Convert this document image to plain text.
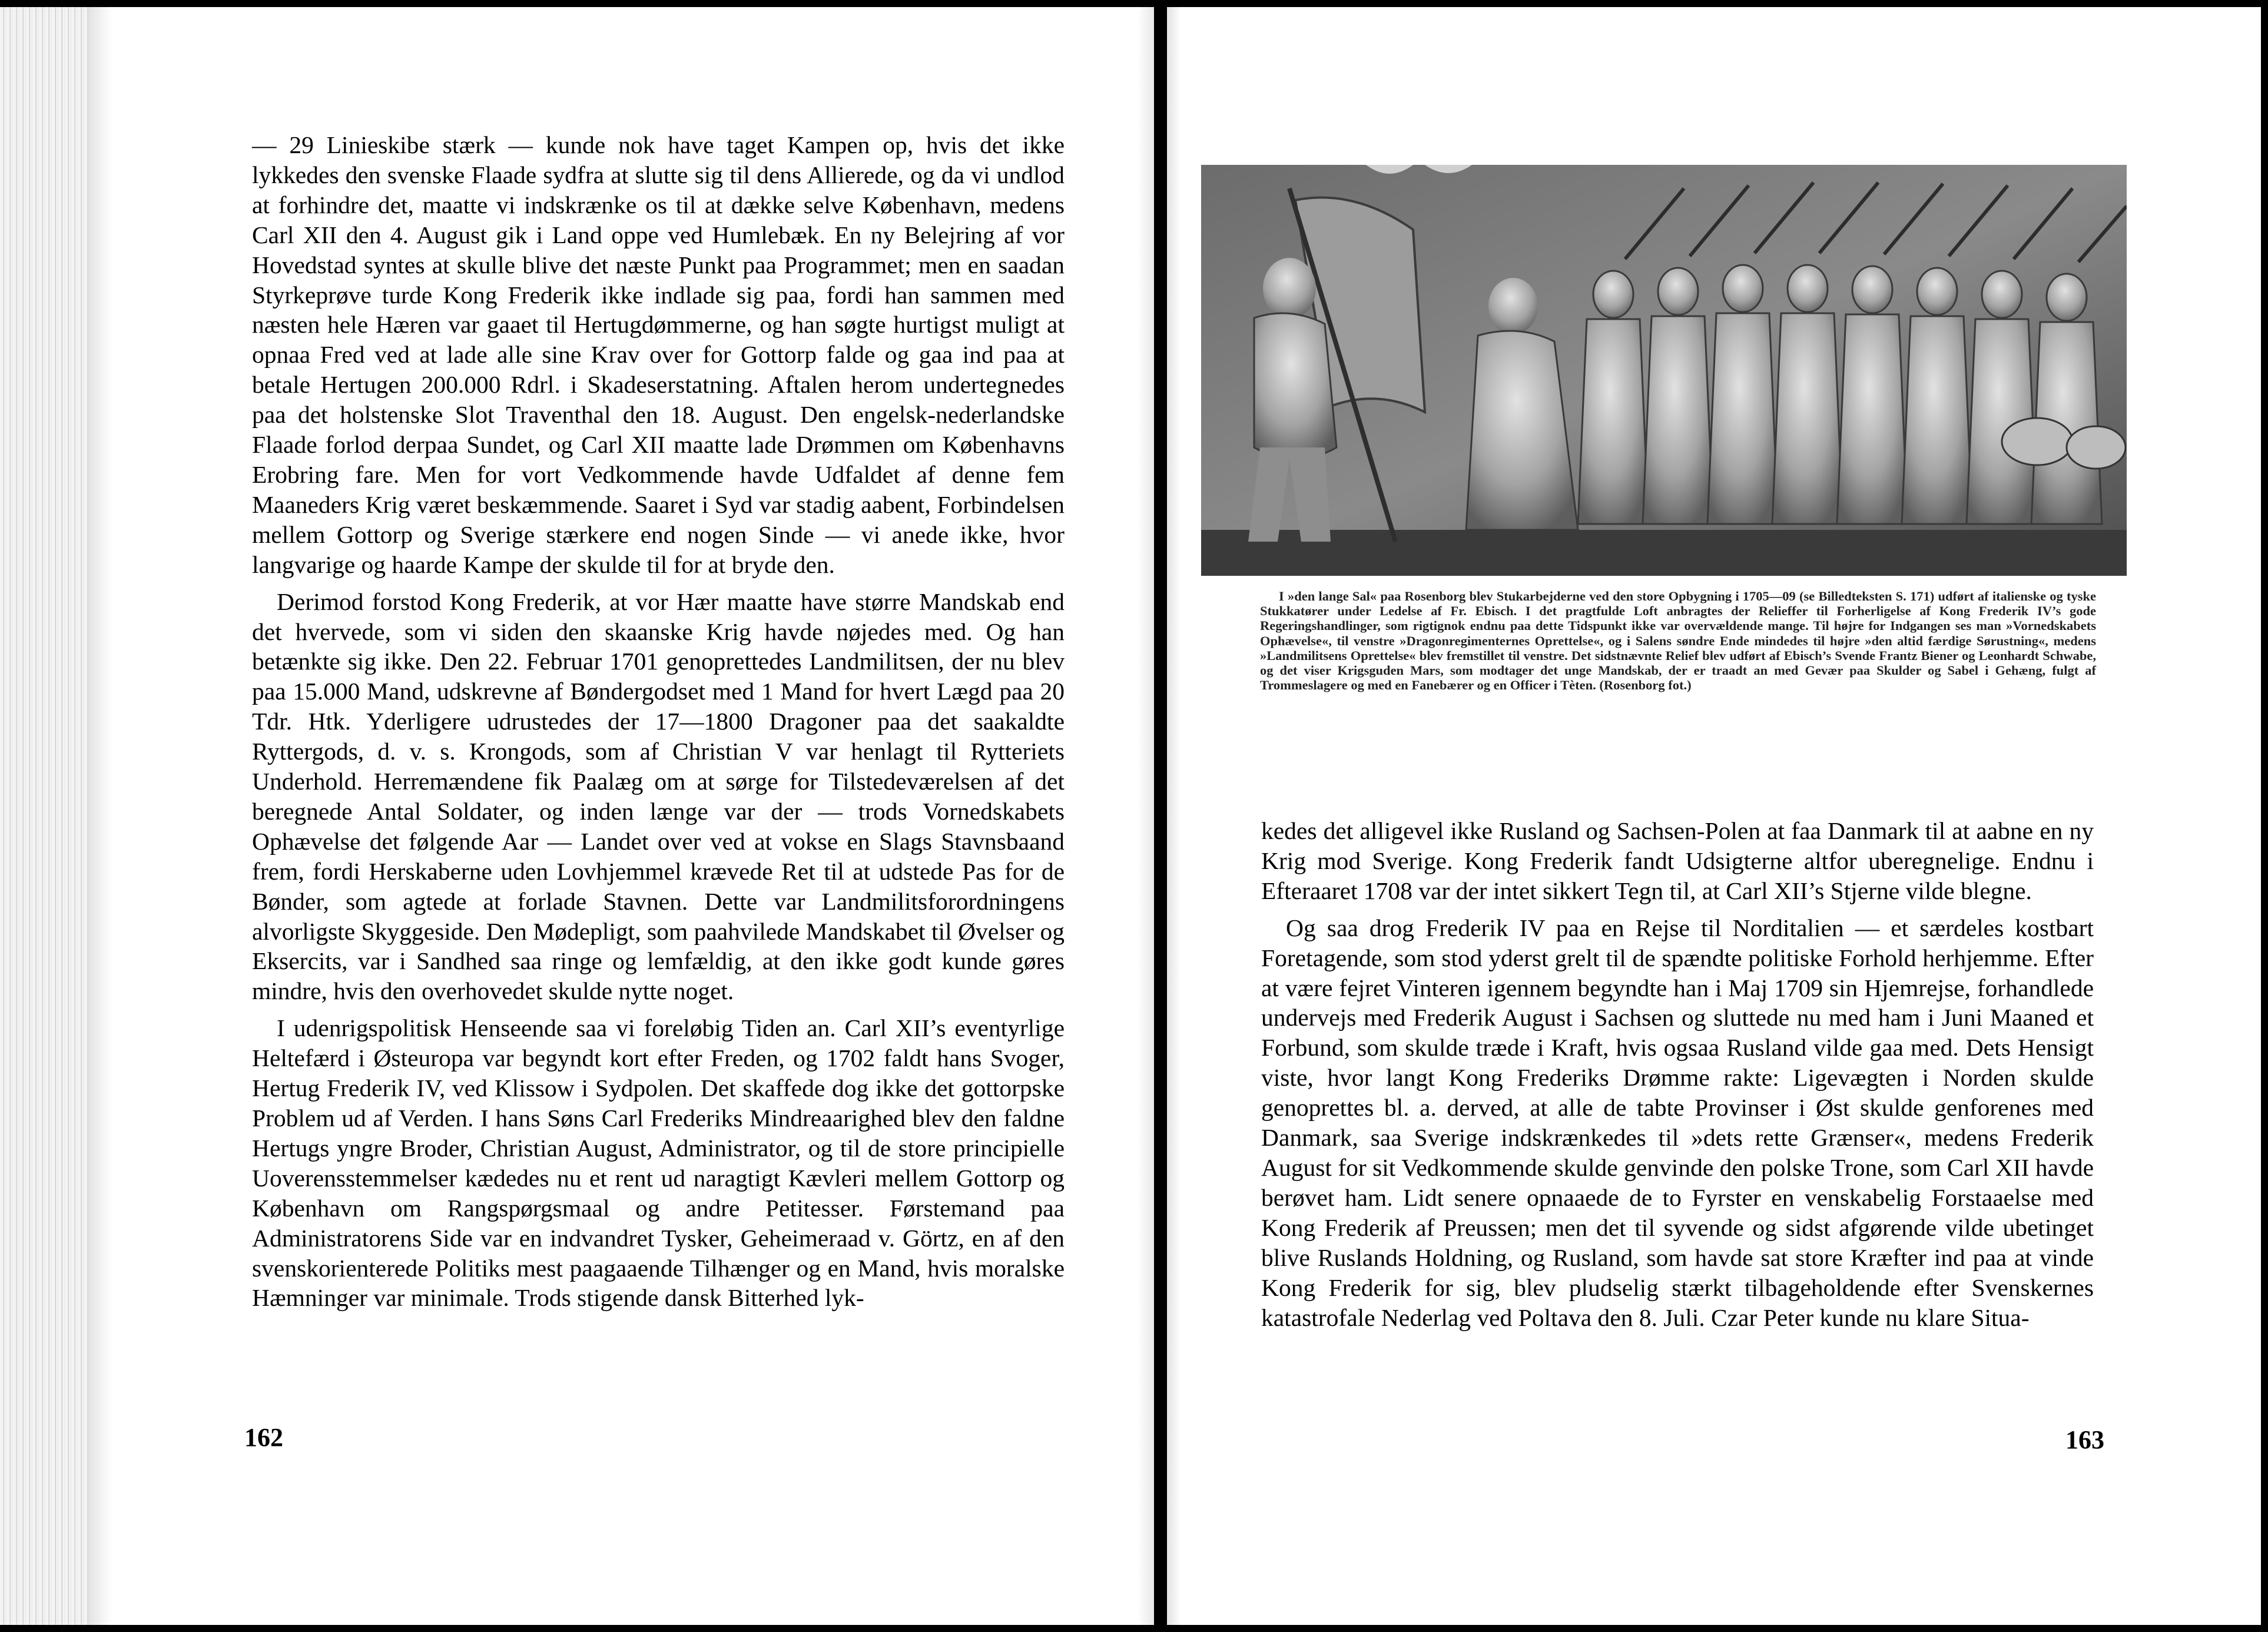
— 29 Linieskibe stærk — kunde nok have taget Kampen op, hvis det ikke lykkedes den svenske Flaade sydfra at slutte sig til dens Allierede, og da vi undlod at forhindre det, maatte vi indskrænke os til at dække selve København, medens Carl XII den 4. August gik i Land oppe ved Humlebæk. En ny Belejring af vor Hovedstad syntes at skulle blive det næste Punkt paa Programmet; men en saadan Styrkeprøve turde Kong Frederik ikke indlade sig paa, fordi han sammen med næsten hele Hæren var gaaet til Hertugdømmerne, og han søgte hurtigst muligt at opnaa Fred ved at lade alle sine Krav over for Gottorp falde og gaa ind paa at betale Hertugen 200.000 Rdrl. i Skadeserstatning. Aftalen herom undertegnedes paa det holstenske Slot Traventhal den 18. August. Den engelsk-nederlandske Flaade forlod derpaa Sundet, og Carl XII maatte lade Drømmen om Københavns Erobring fare. Men for vort Vedkommende havde Udfaldet af denne fem Maaneders Krig været beskæmmende. Saaret i Syd var stadig aabent, Forbindelsen mellem Gottorp og Sverige stærkere end nogen Sinde — vi anede ikke, hvor langvarige og haarde Kampe der skulde til for at bryde den.

Derimod forstod Kong Frederik, at vor Hær maatte have større Mandskab end det hvervede, som vi siden den skaanske Krig havde nøjedes med. Og han betænkte sig ikke. Den 22. Februar 1701 genoprettedes Landmilitsen, der nu blev paa 15.000 Mand, udskrevne af Bøndergodset med 1 Mand for hvert Lægd paa 20 Tdr. Htk. Yderligere udrustedes der 17—1800 Dragoner paa det saakaldte Ryttergods, d. v. s. Krongods, som af Christian V var henlagt til Rytteriets Underhold. Herremændene fik Paalæg om at sørge for Tilstedeværelsen af det beregnede Antal Soldater, og inden længe var der — trods Vornedskabets Ophævelse det følgende Aar — Landet over ved at vokse en Slags Stavnsbaand frem, fordi Herskaberne uden Lovhjemmel krævede Ret til at udstede Pas for de Bønder, som agtede at forlade Stavnen. Dette var Landmilitsforordningens alvorligste Skyggeside. Den Mødepligt, som paahvilede Mandskabet til Øvelser og Eksercits, var i Sandhed saa ringe og lemfældig, at den ikke godt kunde gøres mindre, hvis den overhovedet skulde nytte noget.

I udenrigspolitisk Henseende saa vi foreløbig Tiden an. Carl XII’s eventyrlige Heltefærd i Østeuropa var begyndt kort efter Freden, og 1702 faldt hans Svoger, Hertug Frederik IV, ved Klissow i Sydpolen. Det skaffede dog ikke det gottorpske Problem ud af Verden. I hans Søns Carl Frederiks Mindreaarighed blev den faldne Hertugs yngre Broder, Christian August, Administrator, og til de store principielle Uoverensstemmelser kædedes nu et rent ud naragtigt Kævleri mellem Gottorp og København om Rangspørgsmaal og andre Petitesser. Førstemand paa Administratorens Side var en indvandret Tysker, Geheimeraad v. Görtz, en af den svenskorienterede Politiks mest paagaaende Tilhænger og en Mand, hvis moralske Hæmninger var minimale. Trods stigende dansk Bitterhed lyk-

162

I »den lange Sal« paa Rosenborg blev Stukarbejderne ved den store Opbygning i 1705—09 (se Billedteksten S. 171) udført af italienske og tyske Stukkatører under Ledelse af Fr. Ebisch. I det pragtfulde Loft anbragtes der Relieffer til Forherligelse af Kong Frederik IV’s gode Regeringshandlinger, som rigtignok endnu paa dette Tidspunkt ikke var overvældende mange. Til højre for Indgangen ses man »Vornedskabets Ophævelse«, til venstre »Dragonregimenternes Oprettelse«, og i Salens søndre Ende mindedes til højre »den altid færdige Sørustning«, medens »Landmilitsens Oprettelse« blev fremstillet til venstre. Det sidstnævnte Relief blev udført af Ebisch’s Svende Frantz Biener og Leonhardt Schwabe, og det viser Krigsguden Mars, som modtager det unge Mandskab, der er traadt an med Gevær paa Skulder og Sabel i Gehæng, fulgt af Trommeslagere og med en Fanebærer og en Officer i Tèten. (Rosenborg fot.)

kedes det alligevel ikke Rusland og Sachsen-Polen at faa Danmark til at aabne en ny Krig mod Sverige. Kong Frederik fandt Udsigterne altfor uberegnelige. Endnu i Efteraaret 1708 var der intet sikkert Tegn til, at Carl XII’s Stjerne vilde blegne.

Og saa drog Frederik IV paa en Rejse til Norditalien — et særdeles kostbart Foretagende, som stod yderst grelt til de spændte politiske Forhold herhjemme. Efter at være fejret Vinteren igennem begyndte han i Maj 1709 sin Hjemrejse, forhandlede undervejs med Frederik August i Sachsen og sluttede nu med ham i Juni Maaned et Forbund, som skulde træde i Kraft, hvis ogsaa Rusland vilde gaa med. Dets Hensigt viste, hvor langt Kong Frederiks Drømme rakte: Ligevægten i Norden skulde genoprettes bl. a. derved, at alle de tabte Provinser i Øst skulde genforenes med Danmark, saa Sverige indskrænkedes til »dets rette Grænser«, medens Frederik August for sit Vedkommende skulde genvinde den polske Trone, som Carl XII havde berøvet ham. Lidt senere opnaaede de to Fyrster en venskabelig Forstaaelse med Kong Frederik af Preussen; men det til syvende og sidst afgørende vilde ubetinget blive Ruslands Holdning, og Rusland, som havde sat store Kræfter ind paa at vinde Kong Frederik for sig, blev pludselig stærkt tilbageholdende efter Svenskernes katastrofale Nederlag ved Poltava den 8. Juli. Czar Peter kunde nu klare Situa-

163
